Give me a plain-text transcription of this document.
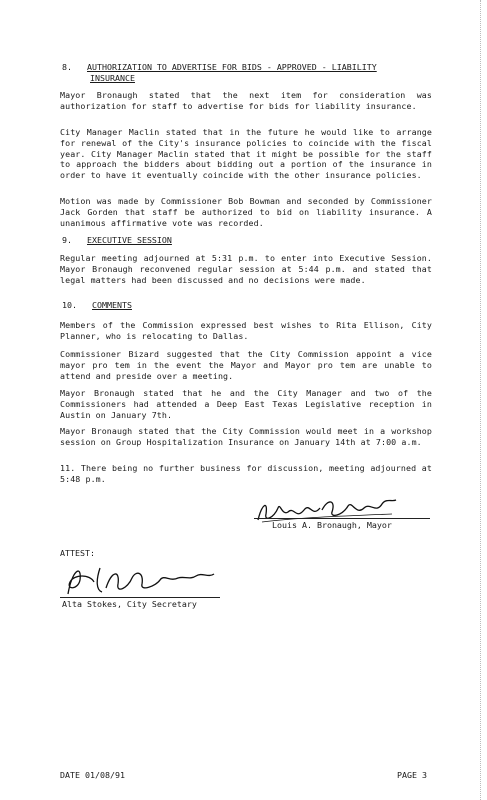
8. AUTHORIZATION TO ADVERTISE FOR BIDS - APPROVED - LIABILITY
INSURANCE

Mayor Bronaugh stated that the next item for consideration was authorization for staff to advertise for bids for liability insurance.

City Manager Maclin stated that in the future he would like to arrange for renewal of the City's insurance policies to coincide with the fiscal year. City Manager Maclin stated that it might be possible for the staff to approach the bidders about bidding out a portion of the insurance in order to have it eventually coincide with the other insurance policies.

Motion was made by Commissioner Bob Bowman and seconded by Commissioner Jack Gorden that staff be authorized to bid on liability insurance. A unanimous affirmative vote was recorded.

9. EXECUTIVE SESSION

Regular meeting adjourned at 5:31 p.m. to enter into Executive Session. Mayor Bronaugh reconvened regular session at 5:44 p.m. and stated that legal matters had been discussed and no decisions were made.

10. COMMENTS

Members of the Commission expressed best wishes to Rita Ellison, City Planner, who is relocating to Dallas.

Commissioner Bizard suggested that the City Commission appoint a vice mayor pro tem in the event the Mayor and Mayor pro tem are unable to attend and preside over a meeting.

Mayor Bronaugh stated that he and the City Manager and two of the Commissioners had attended a Deep East Texas Legislative reception in Austin on January 7th.

Mayor Bronaugh stated that the City Commission would meet in a workshop session on Group Hospitalization Insurance on January 14th at 7:00 a.m.

11. There being no further business for discussion, meeting adjourned at 5:48 p.m.

Louis A. Bronaugh, Mayor
ATTEST:
Alta Stokes, City Secretary
DATE 01/08/91	PAGE 3
